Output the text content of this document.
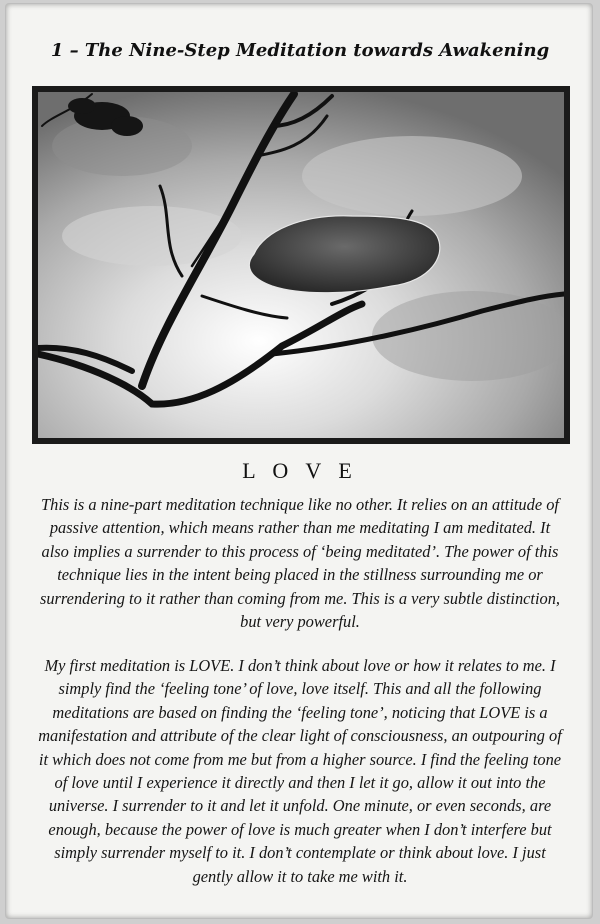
1 – The Nine-Step Meditation towards Awakening
L O V E

This is a nine-part meditation technique like no other. It relies on an attitude of passive attention, which means rather than me meditating I am meditated. It also implies a surrender to this process of ‘being meditated’. The power of this technique lies in the intent being placed in the stillness surrounding me or surrendering to it rather than coming from me. This is a very subtle distinction, but very powerful.

My first meditation is LOVE. I don’t think about love or how it relates to me. I simply find the ‘feeling tone’ of love, love itself. This and all the following meditations are based on finding the ‘feeling tone’, noticing that LOVE is a manifestation and attribute of the clear light of consciousness, an outpouring of it which does not come from me but from a higher source. I find the feeling tone of love until I experience it directly and then I let it go, allow it out into the universe. I surrender to it and let it unfold. One minute, or even seconds, are enough, because the power of love is much greater when I don’t interfere but simply surrender myself to it. I don’t contemplate or think about love. I just gently allow it to take me with it.
